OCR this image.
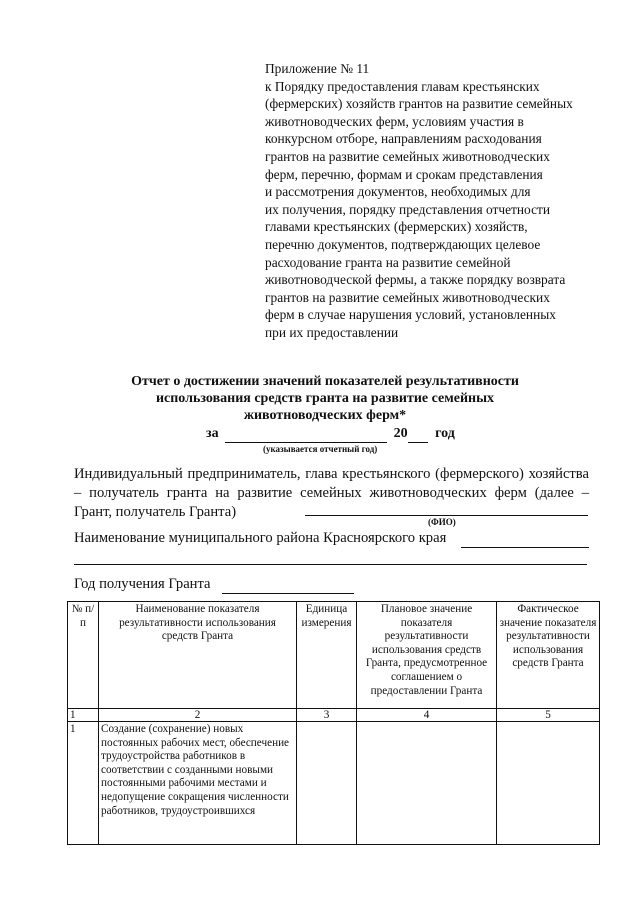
Приложение № 11
к Порядку предоставления главам крестьянских
(фермерских) хозяйств грантов на развитие семейных
животноводческих ферм, условиям участия в
конкурсном отборе, направлениям расходования
грантов на развитие семейных животноводческих
ферм, перечню, формам и срокам представления
и рассмотрения документов, необходимых для
их получения, порядку представления отчетности
главами крестьянских (фермерских) хозяйств,
перечню документов, подтверждающих целевое
расходование гранта на развитие семейной
животноводческой фермы, а также порядку возврата
грантов на развитие семейных животноводческих
ферм в случае нарушения условий, установленных
при их предоставлении
Отчет о достижении значений показателей результативности
использования средств гранта на развитие семейных
животноводческих ферм*
за	20 год
(указывается отчетный год)
Индивидуальный предприниматель, глава крестьянского (фермерского) хозяйства – получатель гранта на развитие семейных животноводческих ферм (далее – Грант, получатель Гранта)
(ФИО)
Наименование муниципального района Красноярского края
Год получения Гранта
№ п/п	Наименование показателя результативности использования средств Гранта	Единица измерения	Плановое значение показателя результативности использования средств Гранта, предусмотренное соглашением о предоставлении Гранта	Фактическое значение показателя результативности использования средств Гранта
1	2	3	4	5
1	Создание (сохранение) новых постоянных рабочих мест, обеспечение трудоустройства работников в соответствии с созданными новыми постоянными рабочими местами и недопущение сокращения численности работников, трудоустроившихся			
